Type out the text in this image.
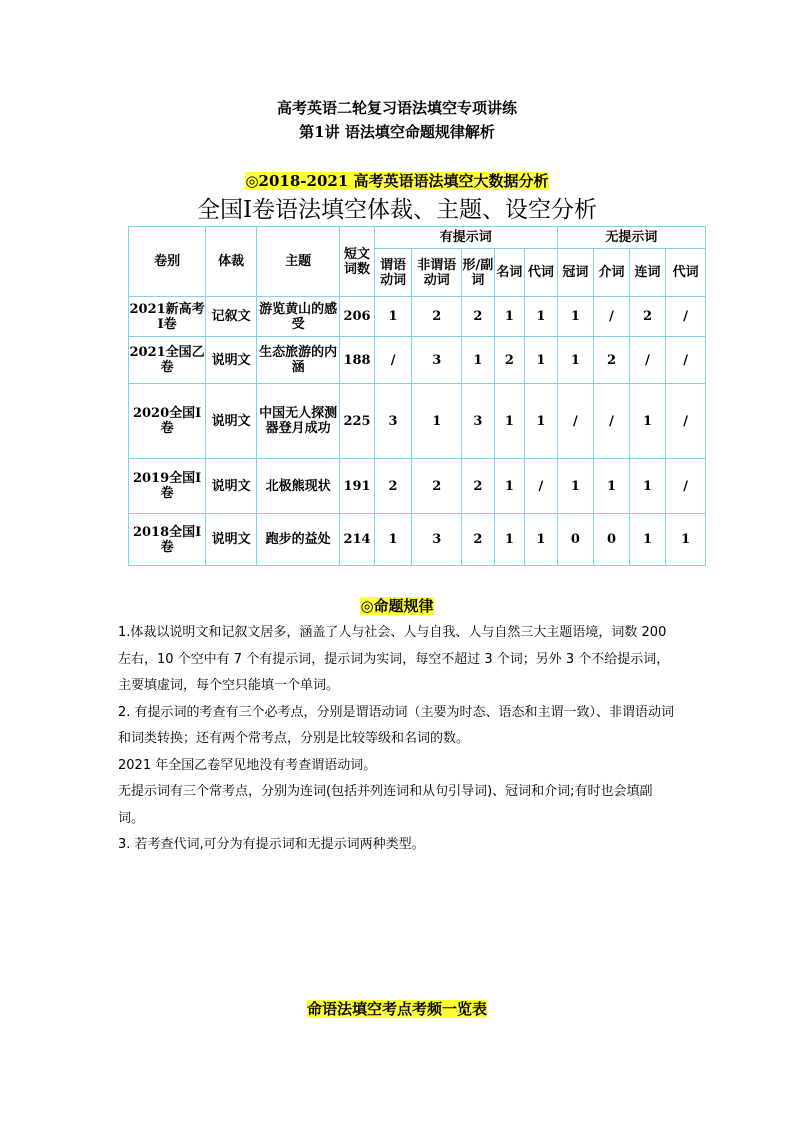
高考英语二轮复习语法填空专项讲练
第1讲 语法填空命题规律解析
◎2018-2021 高考英语语法填空大数据分析
全国Ⅰ卷语法填空体裁、主题、设空分析
卷别	体裁	主题	短文词数	有提示词					无提示词			
				谓语动词	非谓语动词	形/副词	名词	代词	冠词	介词	连词	代词
2021新高考Ⅰ卷	记叙文	游览黄山的感受	206	1	2	2	1	1	1	/	2	/
2021全国乙卷	说明文	生态旅游的内涵	188	/	3	1	2	1	1	2	/	/
2020全国Ⅰ卷	说明文	中国无人探测器登月成功	225	3	1	3	1	1	/	/	1	/
2019全国Ⅰ卷	说明文	北极熊现状	191	2	2	2	1	/	1	1	1	/
2018全国Ⅰ卷	说明文	跑步的益处	214	1	3	2	1	1	0	0	1	1
◎命题规律

1.体裁以说明文和记叙文居多，涵盖了人与社会、人与自我、人与自然三大主题语境，词数 200 左右，10 个空中有 7 个有提示词，提示词为实词，每空不超过 3 个词；另外 3 个不给提示词，主要填虚词，每个空只能填一个单词。

2. 有提示词的考查有三个必考点，分别是谓语动词（主要为时态、语态和主谓一致）、非谓语动词和词类转换；还有两个常考点，分别是比较等级和名词的数。

2021 年全国乙卷罕见地没有考查谓语动词。

无提示词有三个常考点，分别为连词(包括并列连词和从句引导词)、冠词和介词;有时也会填副词。

3. 若考查代词,可分为有提示词和无提示词两种类型。

命语法填空考点考频一览表
